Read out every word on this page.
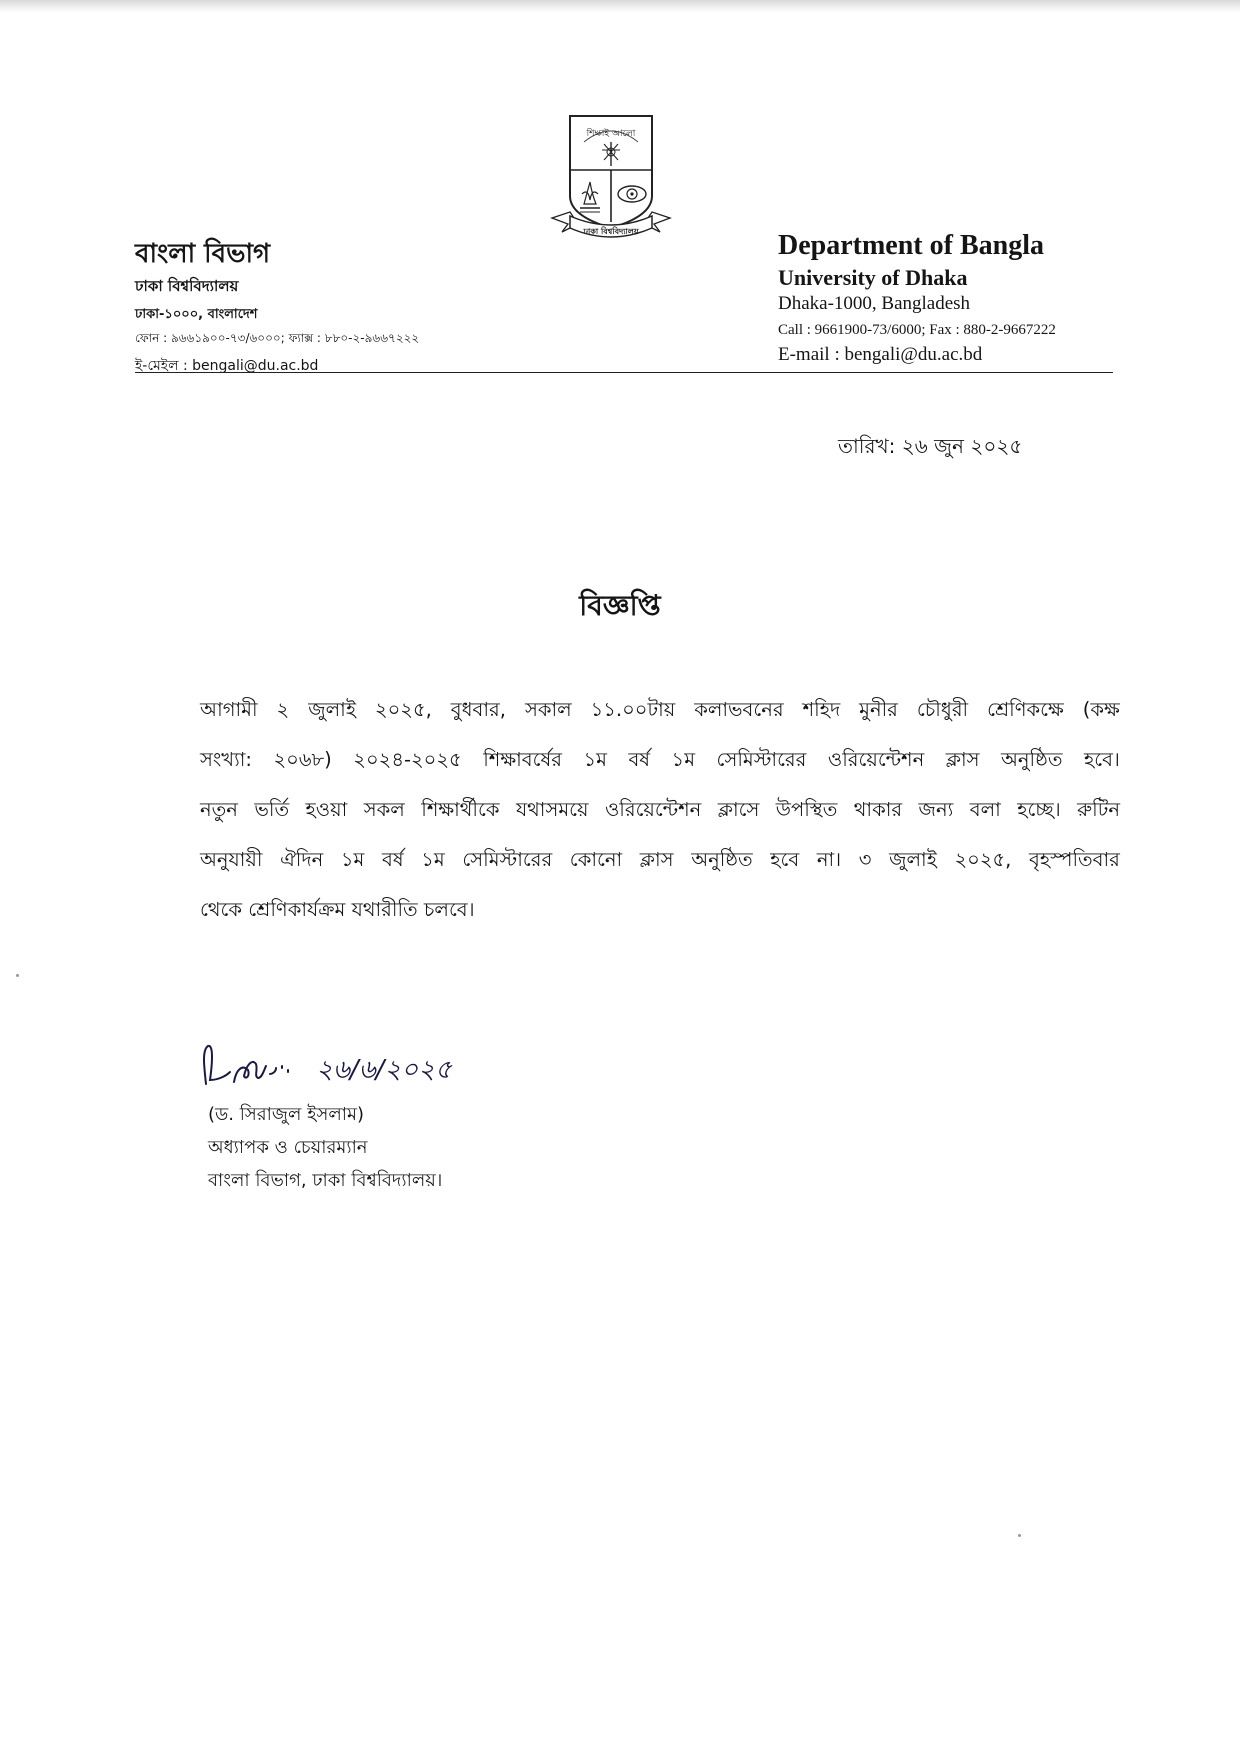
শিক্ষাই আলো
ঢাকা বিশ্ববিদ্যালয়
বাংলা বিভাগ
ঢাকা বিশ্ববিদ্যালয়
ঢাকা-১০০০, বাংলাদেশ
ফোন : ৯৬৬১৯০০-৭৩/৬০০০; ফ্যাক্স : ৮৮০-২-৯৬৬৭২২২
ই-মেইল : bengali@du.ac.bd
Department of Bangla
University of Dhaka
Dhaka-1000, Bangladesh
Call : 9661900-73/6000; Fax : 880-2-9667222
E-mail : bengali@du.ac.bd
তারিখ: ২৬ জুন ২০২৫
বিজ্ঞপ্তি
আগামী ২ জুলাই ২০২৫, বুধবার, সকাল ১১.০০টায় কলাভবনের শহিদ মুনীর চৌধুরী শ্রেণিকক্ষে (কক্ষ
সংখ্যা: ২০৬৮) ২০২৪-২০২৫ শিক্ষাবর্ষের ১ম বর্ষ ১ম সেমিস্টারের ওরিয়েন্টেশন ক্লাস অনুষ্ঠিত হবে।
নতুন ভর্তি হওয়া সকল শিক্ষার্থীকে যথাসময়ে ওরিয়েন্টেশন ক্লাসে উপস্থিত থাকার জন্য বলা হচ্ছে। রুটিন
অনুযায়ী ঐদিন ১ম বর্ষ ১ম সেমিস্টারের কোনো ক্লাস অনুষ্ঠিত হবে না। ৩ জুলাই ২০২৫, বৃহস্পতিবার
থেকে শ্রেণিকার্যক্রম যথারীতি চলবে।
২৬/৬/২০২৫
(ড. সিরাজুল ইসলাম)
অধ্যাপক ও চেয়ারম্যান
বাংলা বিভাগ, ঢাকা বিশ্ববিদ্যালয়।
